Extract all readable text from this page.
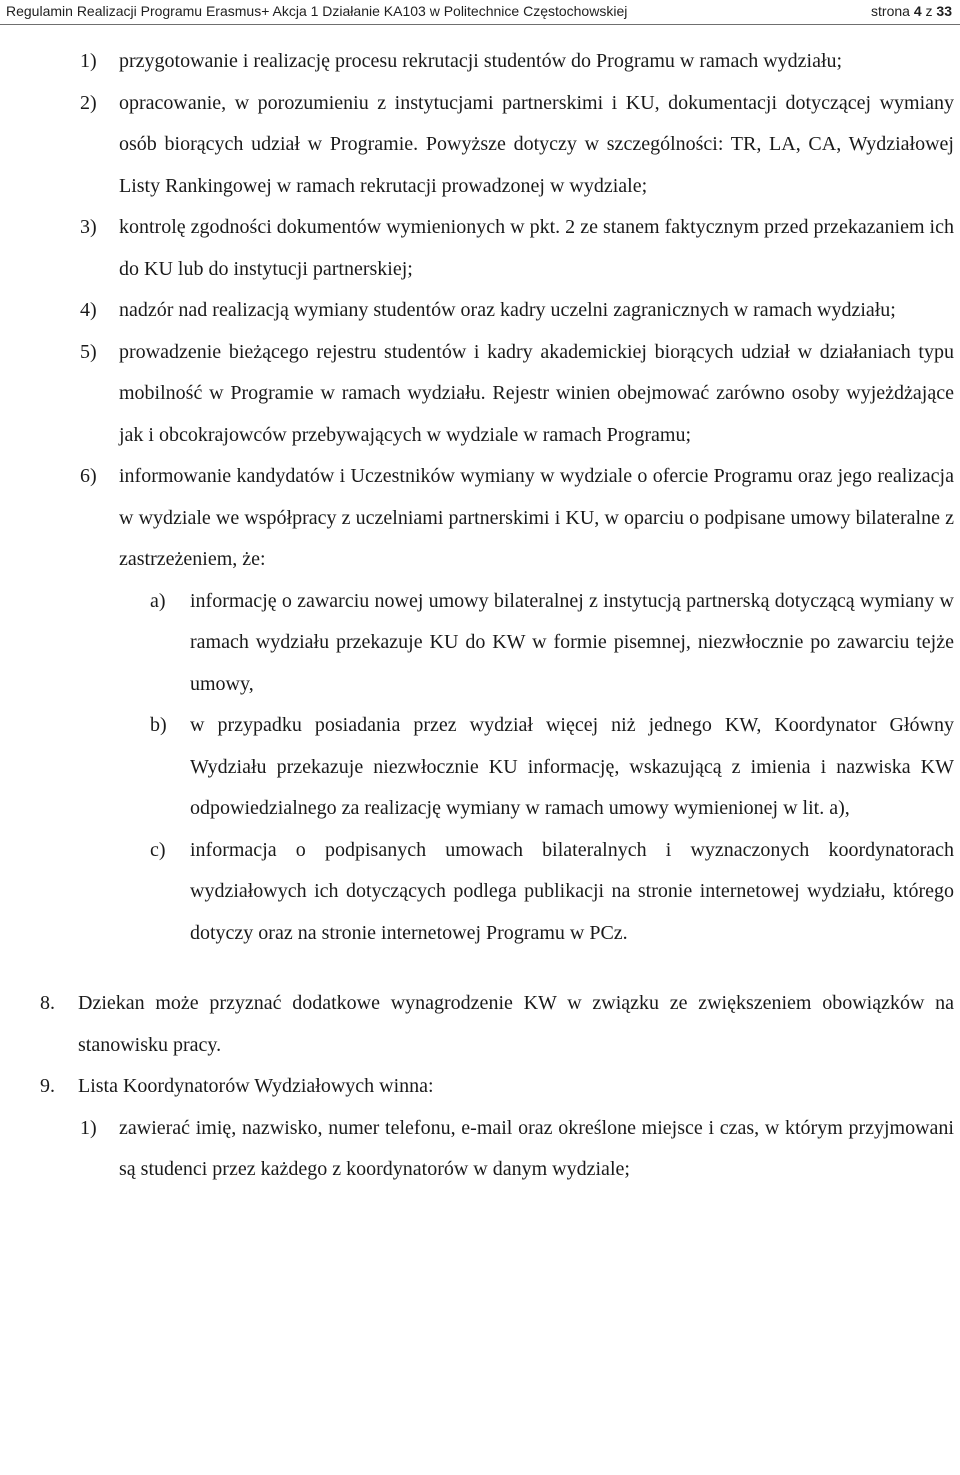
Regulamin Realizacji Programu Erasmus+ Akcja 1 Działanie KA103 w Politechnice Częstochowskiej	strona 4 z 33
1) przygotowanie i realizację procesu rekrutacji studentów do Programu w ramach wydziału;
2) opracowanie, w porozumieniu z instytucjami partnerskimi i KU, dokumentacji dotyczącej wymiany osób biorących udział w Programie. Powyższe dotyczy w szczególności: TR, LA, CA, Wydziałowej Listy Rankingowej w ramach rekrutacji prowadzonej w wydziale;
3) kontrolę zgodności dokumentów wymienionych w pkt. 2 ze stanem faktycznym przed przekazaniem ich do KU lub do instytucji partnerskiej;
4) nadzór nad realizacją wymiany studentów oraz kadry uczelni zagranicznych w ramach wydziału;
5) prowadzenie bieżącego rejestru studentów i kadry akademickiej biorących udział w działaniach typu mobilność w Programie w ramach wydziału. Rejestr winien obejmować zarówno osoby wyjeżdżające jak i obcokrajowców przebywających w wydziale w ramach Programu;
6) informowanie kandydatów i Uczestników wymiany w wydziale o ofercie Programu oraz jego realizacja w wydziale we współpracy z uczelniami partnerskimi i KU, w oparciu o podpisane umowy bilateralne z zastrzeżeniem, że:
a) informację o zawarciu nowej umowy bilateralnej z instytucją partnerską dotyczącą wymiany w ramach wydziału przekazuje KU do KW w formie pisemnej, niezwłocznie po zawarciu tejże umowy,
b) w przypadku posiadania przez wydział więcej niż jednego KW, Koordynator Główny Wydziału przekazuje niezwłocznie KU informację, wskazującą z imienia i nazwiska KW odpowiedzialnego za realizację wymiany w ramach umowy wymienionej w lit. a),
c) informacja o podpisanych umowach bilateralnych i wyznaczonych koordynatorach wydziałowych ich dotyczących podlega publikacji na stronie internetowej wydziału, którego dotyczy oraz na stronie internetowej Programu w PCz.
8. Dziekan może przyznać dodatkowe wynagrodzenie KW w związku ze zwiększeniem obowiązków na stanowisku pracy.
9. Lista Koordynatorów Wydziałowych winna:
1) zawierać imię, nazwisko, numer telefonu, e-mail oraz określone miejsce i czas, w którym przyjmowani są studenci przez każdego z koordynatorów w danym wydziale;
